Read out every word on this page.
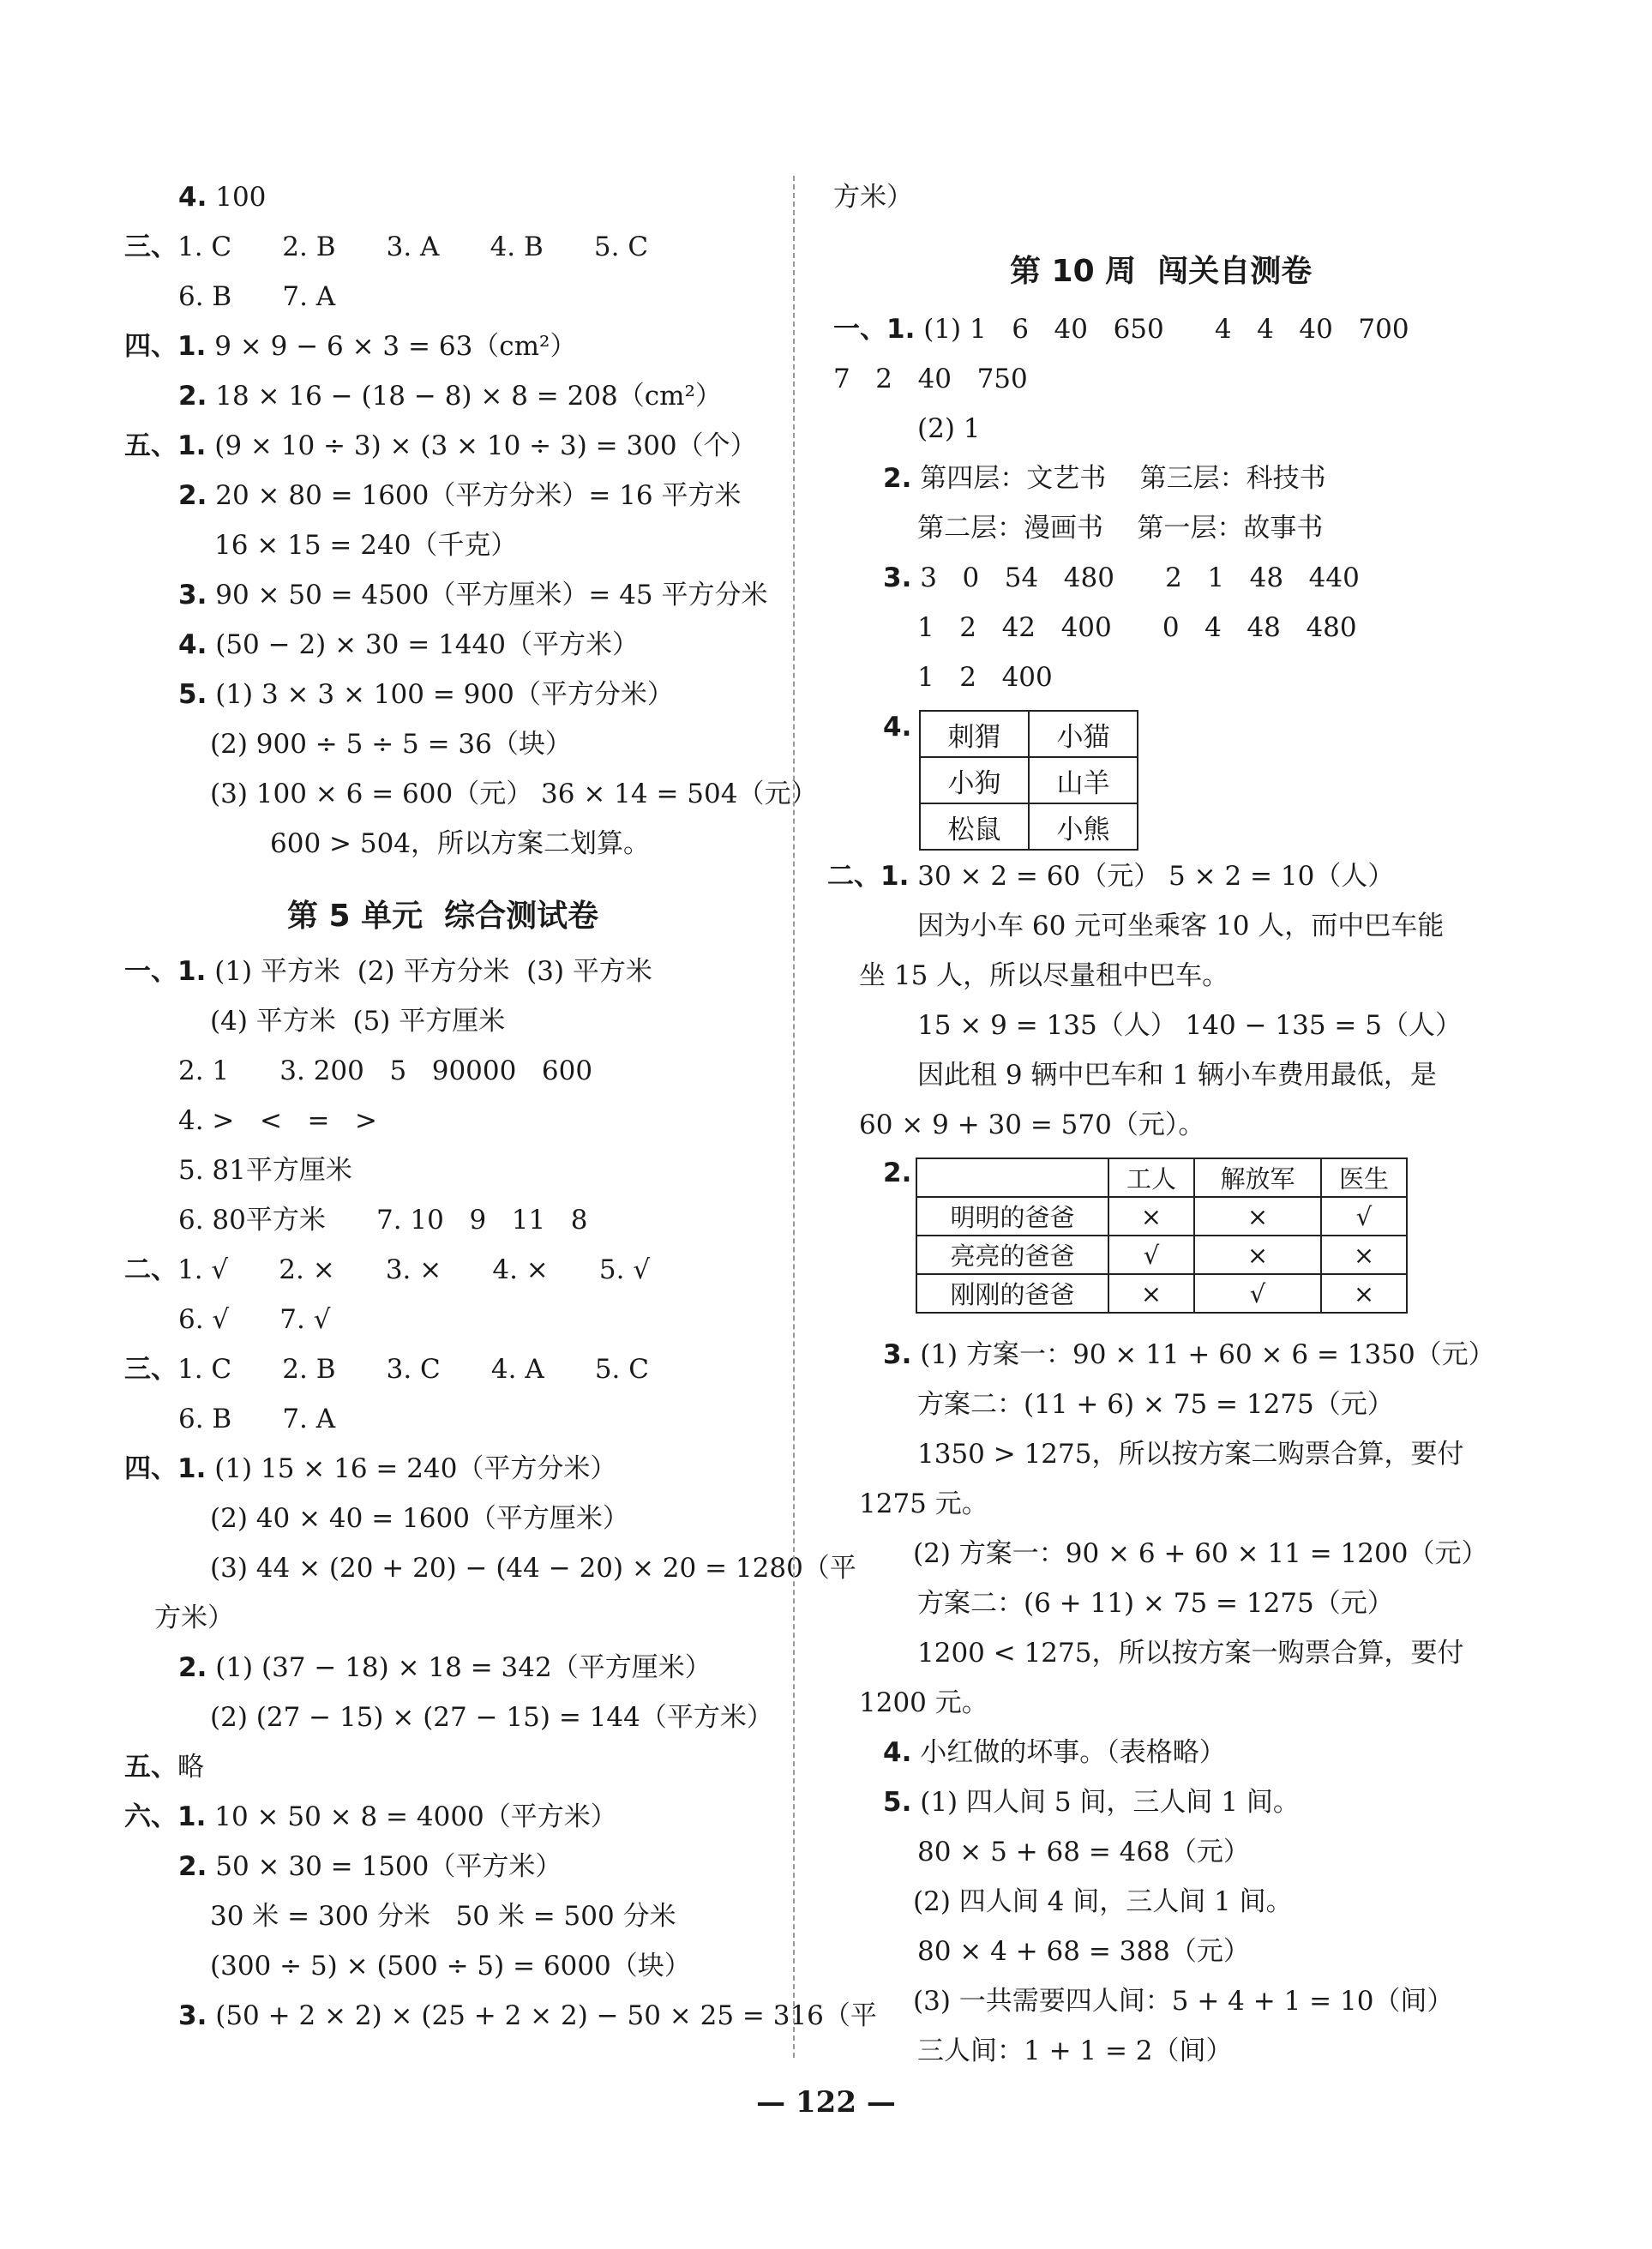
4. 100
三、1. C 2. B 3. A 4. B 5. C
6. B 7. A
四、1. 9 × 9 − 6 × 3 = 63（cm²）
2. 18 × 16 − (18 − 8) × 8 = 208（cm²）
五、1. (9 × 10 ÷ 3) × (3 × 10 ÷ 3) = 300（个）
2. 20 × 80 = 1600（平方分米）= 16 平方米
16 × 15 = 240（千克）
3. 90 × 50 = 4500（平方厘米）= 45 平方分米
4. (50 − 2) × 30 = 1440（平方米）
5. (1) 3 × 3 × 100 = 900（平方分米）
(2) 900 ÷ 5 ÷ 5 = 36（块）
(3) 100 × 6 = 600（元） 36 × 14 = 504（元）
600 > 504，所以方案二划算。
第 5 单元  综合测试卷
一、1. (1) 平方米  (2) 平方分米  (3) 平方米
(4) 平方米  (5) 平方厘米
2. 1      3. 200   5   90000   600
4. >   <   =   >
5. 81平方厘米
6. 80平方米      7. 10   9   11   8
二、1. √      2. ×      3. ×      4. ×      5. √
6. √      7. √
三、1. C      2. B      3. C      4. A      5. C
6. B      7. A
四、1. (1) 15 × 16 = 240（平方分米）
(2) 40 × 40 = 1600（平方厘米）
(3) 44 × (20 + 20) − (44 − 20) × 20 = 1280（平
方米）
2. (1) (37 − 18) × 18 = 342（平方厘米）
(2) (27 − 15) × (27 − 15) = 144（平方米）
五、略
六、1. 10 × 50 × 8 = 4000（平方米）
2. 50 × 30 = 1500（平方米）
30 米 = 300 分米   50 米 = 500 分米
(300 ÷ 5) × (500 ÷ 5) = 6000（块）
3. (50 + 2 × 2) × (25 + 2 × 2) − 50 × 25 = 316（平
方米）
第 10 周  闯关自测卷
一、1. (1) 1   6   40   650      4   4   40   700
7   2   40   750
(2) 1
2. 第四层：文艺书    第三层：科技书
第二层：漫画书    第一层：故事书
3. 3   0   54   480      2   1   48   440
1   2   42   400      0   4   48   480
1   2   400
4. 刺猬	小猫
小狗	山羊
松鼠	小熊
二、1. 30 × 2 = 60（元） 5 × 2 = 10（人）
因为小车 60 元可坐乘客 10 人，而中巴车能
坐 15 人，所以尽量租中巴车。
15 × 9 = 135（人） 140 − 135 = 5（人）
因此租 9 辆中巴车和 1 辆小车费用最低，是
60 × 9 + 30 = 570（元）。
2.
		工人	解放军	医生
明明的爸爸	×	×	√
亮亮的爸爸	√	×	×
刚刚的爸爸	×	√	×
3. (1) 方案一：90 × 11 + 60 × 6 = 1350（元）
方案二：(11 + 6) × 75 = 1275（元）
1350 > 1275，所以按方案二购票合算，要付
1275 元。
(2) 方案一：90 × 6 + 60 × 11 = 1200（元）
方案二：(6 + 11) × 75 = 1275（元）
1200 < 1275，所以按方案一购票合算，要付
1200 元。
4. 小红做的坏事。（表格略）
5. (1) 四人间 5 间，三人间 1 间。
80 × 5 + 68 = 468（元）
(2) 四人间 4 间，三人间 1 间。
80 × 4 + 68 = 388（元）
(3) 一共需要四人间：5 + 4 + 1 = 10（间）
三人间：1 + 1 = 2（间）
— 122 —
